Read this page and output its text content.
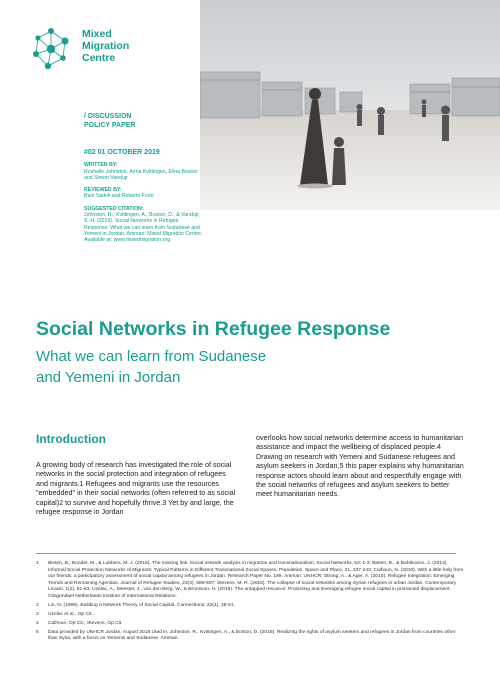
Mixed
Migration
Centre
/ DISCUSSION
POLICY PAPER
#02 01 OCTOBER 2019
WRITTEN BY:
Roshelle Johnston, Anna Kvittingen, Elina Boston and Simon Vandujr
REVIEWED BY:
Bani Sadeli and Roberto Forin
SUGGESTED CITATION:
Johnston, R., Kvittingen, A., Boston, D., & Vandujr, S. H. (2019). Social Networks in Refugee Response: What we can learn from Sudanese and Yemeni in Jordan. Amman: Mixed Migration Centre. Available at: www.mixedmigration.org
Social Networks in Refugee Response
What we can learn from Sudanese
and Yemeni in Jordan
Introduction
A growing body of research has investigated the role of social networks in the social protection and integration of refugees and migrants.1 Refugees and migrants use the resources "embedded" in their social networks (often referred to as social capital)2 to survive and hopefully thrive.3 Yet by and large, the refugee response in Jordan
overlooks how social networks determine access to humanitarian assistance and impact the wellbeing of displaced people.4 Drawing on research with Yemeni and Sudanese refugees and asylum seekers in Jordan,5 this paper explains why humanitarian response actors should learn about and respectfully engage with the social networks of refugees and asylum seekers to better meet humanitarian needs.
1	Bieten, B., Bonder, M., & Lubbers, M. J. (2016). The missing link: Social network analysis in migration and transnationalism. Social Networks, 53: 1-3; Bieten, B., & Bahtkovics, J. (2013). Informal Social Protection Networks of Migrants: Typical Patterns in Different Transnational Social Spaces. Population, Space and Place, 21, 237-243; Calhoun, N. (2010). With a little help from our friends: a participatory assessment of social capital among refugees in Jordan. Research Paper No. 189. Amman: UNHCR; Strong, A., & Ager, A. (2010). Refugee Integration: Emerging Trends and Remaining Agendas. Journal of Refugee Studies, 23(4), 589-607; Stevens, M. R. (2016). The collapse of social networks among Syrian refugees in urban Jordan. Contemporary Levant, 1(2), 51-63; Uzelac, A., Meester, J., van den Berg, W., & Bronsson, H. (2018). The untapped resource: Protecting and leveraging refugee social capital in protracted displacement. Clingendael Netherlands Institute of International Relations.
2	Lin, N. (1999). Building a Network Theory of Social Capital. Connections, 22(1), 28-51.
3	Uzelac et al., Op Cit.
4	Calhoun, Op Cit.; Stevens, Op Cit.
5	Data provided by UNHCR Jordan, August 2018 cited in: Johnston, R., Kvittingen, A., & Boston, D. (2018). Realizing the rights of asylum seekers and refugees in Jordan from countries other than Syria, with a focus on Yemenis and Sudanese. Amman.
